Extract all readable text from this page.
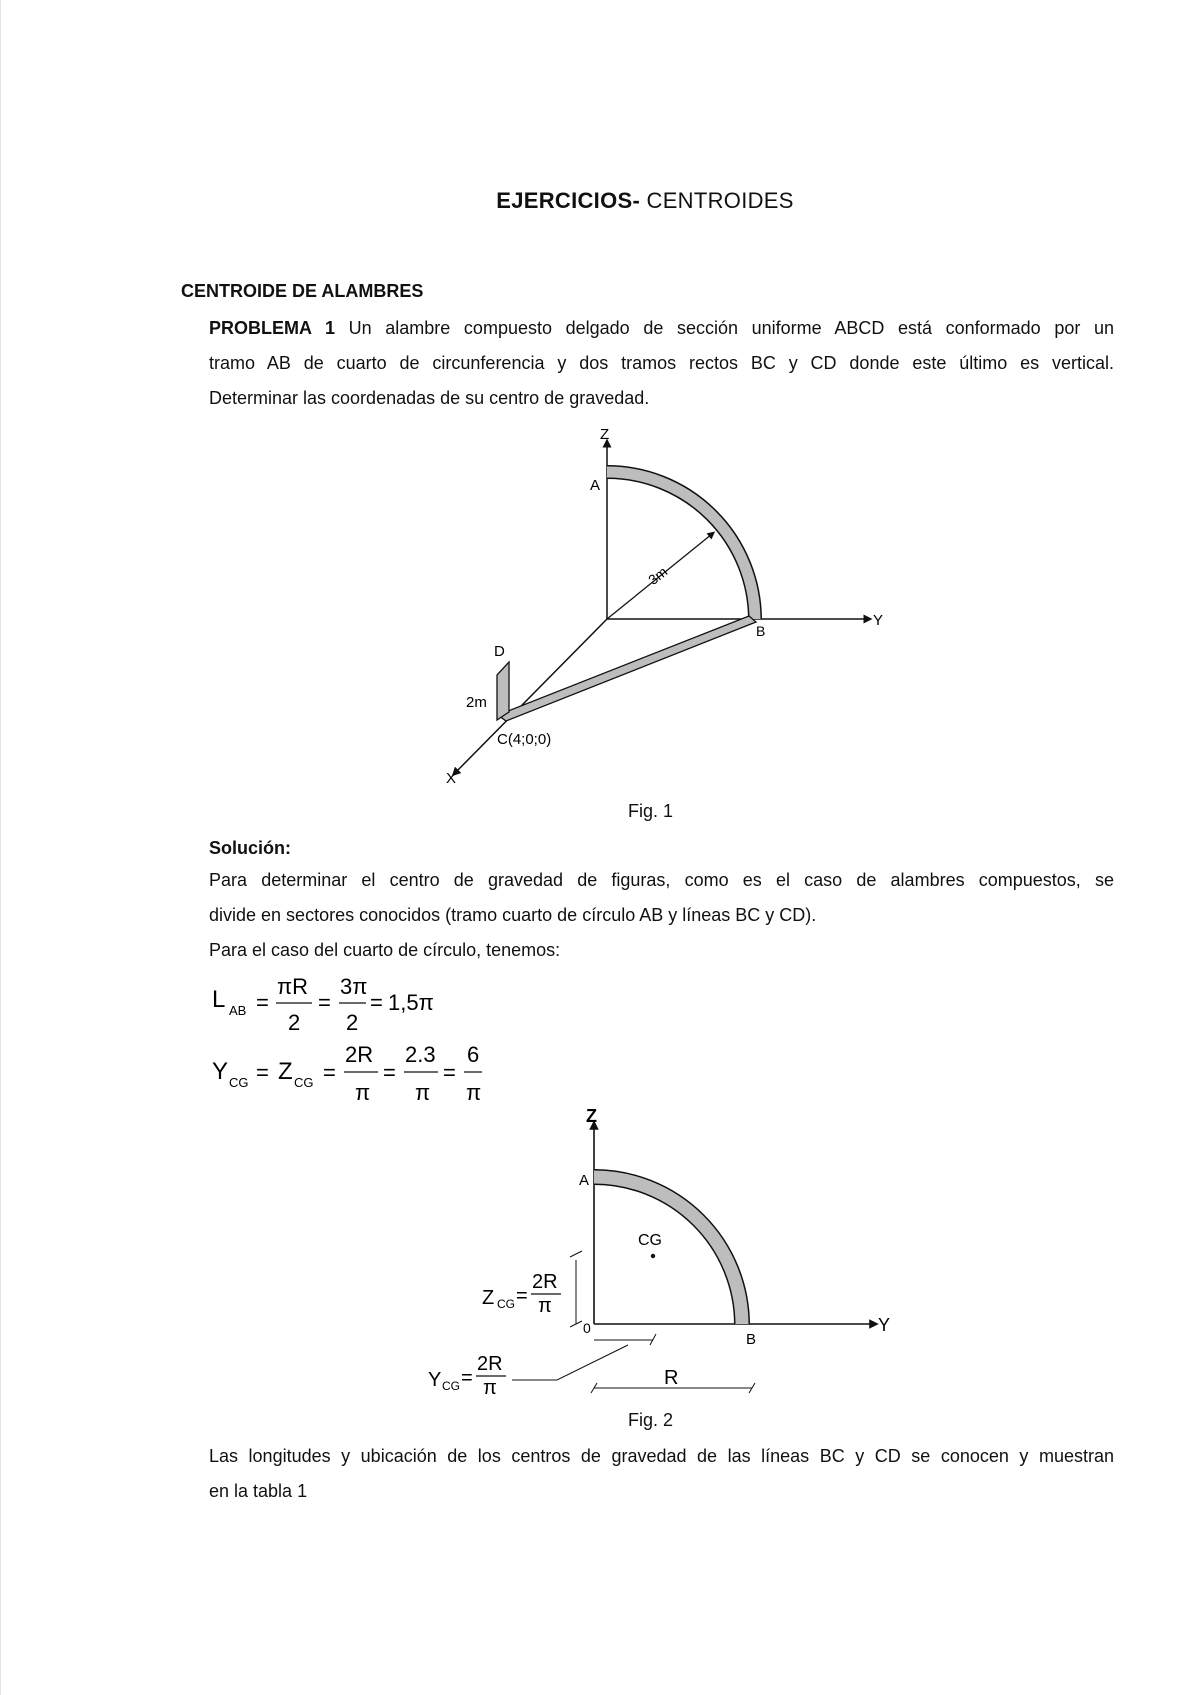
EJERCICIOS- CENTROIDES
CENTROIDE DE ALAMBRES

PROBLEMA 1 Un alambre compuesto delgado de sección uniforme ABCD está conformado por un

tramo AB de cuarto de circunferencia y dos tramos rectos BC y CD donde este último es vertical.

Determinar las coordenadas de su centro de gravedad.

Z
Y
X
A
B
D
C(4;0;0)
3m
2m
Fig. 1
Solución:

Para determinar el centro de gravedad de figuras, como es el caso de alambres compuestos, se

divide en sectores conocidos (tramo cuarto de círculo AB y líneas BC y CD).

Para el caso del cuarto de círculo, tenemos:

L AB =
πR
2
=
3π
2
= 1,5π
Y CG = Z CG =
2R
π
=
2.3
π
=
6
π
Z
Y
A
B
0
CG
R
Z CG =
2R
π
Y CG =
2R
π
Fig. 2

Las longitudes y ubicación de los centros de gravedad de las líneas BC y CD se conocen y muestran

en la tabla 1
